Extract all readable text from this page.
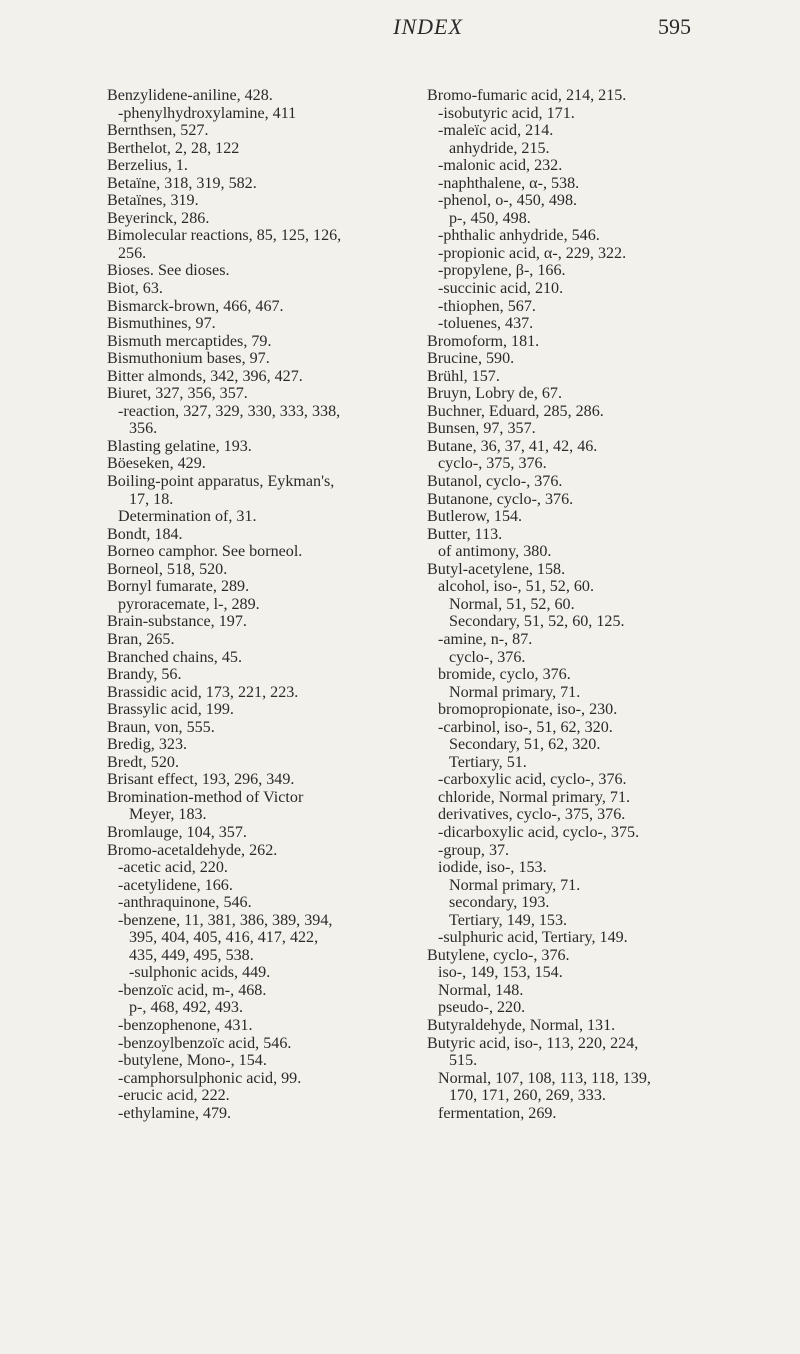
INDEX	595
Benzylidene-aniline, 428.
-phenylhydroxylamine, 411
Bernthsen, 527.
Berthelot, 2, 28, 122
Berzelius, 1.
Betaïne, 318, 319, 582.
Betaïnes, 319.
Beyerinck, 286.
Bimolecular reactions, 85, 125, 126,
256.
Bioses. See dioses.
Biot, 63.
Bismarck-brown, 466, 467.
Bismuthines, 97.
Bismuth mercaptides, 79.
Bismuthonium bases, 97.
Bitter almonds, 342, 396, 427.
Biuret, 327, 356, 357.
-reaction, 327, 329, 330, 333, 338,
356.
Blasting gelatine, 193.
Böeseken, 429.
Boiling-point apparatus, Eykman's,
17, 18.
Determination of, 31.
Bondt, 184.
Borneo camphor. See borneol.
Borneol, 518, 520.
Bornyl fumarate, 289.
pyroracemate, l-, 289.
Brain-substance, 197.
Bran, 265.
Branched chains, 45.
Brandy, 56.
Brassidic acid, 173, 221, 223.
Brassylic acid, 199.
Braun, von, 555.
Bredig, 323.
Bredt, 520.
Brisant effect, 193, 296, 349.
Bromination-method of Victor
Meyer, 183.
Bromlauge, 104, 357.
Bromo-acetaldehyde, 262.
-acetic acid, 220.
-acetylidene, 166.
-anthraquinone, 546.
-benzene, 11, 381, 386, 389, 394,
395, 404, 405, 416, 417, 422,
435, 449, 495, 538.
-sulphonic acids, 449.
-benzoïc acid, m-, 468.
p-, 468, 492, 493.
-benzophenone, 431.
-benzoylbenzoïc acid, 546.
-butylene, Mono-, 154.
-camphorsulphonic acid, 99.
-erucic acid, 222.
-ethylamine, 479.
Bromo-fumaric acid, 214, 215.
-isobutyric acid, 171.
-maleïc acid, 214.
anhydride, 215.
-malonic acid, 232.
-naphthalene, α-, 538.
-phenol, o-, 450, 498.
p-, 450, 498.
-phthalic anhydride, 546.
-propionic acid, α-, 229, 322.
-propylene, β-, 166.
-succinic acid, 210.
-thiophen, 567.
-toluenes, 437.
Bromoform, 181.
Brucine, 590.
Brühl, 157.
Bruyn, Lobry de, 67.
Buchner, Eduard, 285, 286.
Bunsen, 97, 357.
Butane, 36, 37, 41, 42, 46.
cyclo-, 375, 376.
Butanol, cyclo-, 376.
Butanone, cyclo-, 376.
Butlerow, 154.
Butter, 113.
of antimony, 380.
Butyl-acetylene, 158.
alcohol, iso-, 51, 52, 60.
Normal, 51, 52, 60.
Secondary, 51, 52, 60, 125.
-amine, n-, 87.
cyclo-, 376.
bromide, cyclo, 376.
Normal primary, 71.
bromopropionate, iso-, 230.
-carbinol, iso-, 51, 62, 320.
Secondary, 51, 62, 320.
Tertiary, 51.
-carboxylic acid, cyclo-, 376.
chloride, Normal primary, 71.
derivatives, cyclo-, 375, 376.
-dicarboxylic acid, cyclo-, 375.
-group, 37.
iodide, iso-, 153.
Normal primary, 71.
secondary, 193.
Tertiary, 149, 153.
-sulphuric acid, Tertiary, 149.
Butylene, cyclo-, 376.
iso-, 149, 153, 154.
Normal, 148.
pseudo-, 220.
Butyraldehyde, Normal, 131.
Butyric acid, iso-, 113, 220, 224,
515.
Normal, 107, 108, 113, 118, 139,
170, 171, 260, 269, 333.
fermentation, 269.
